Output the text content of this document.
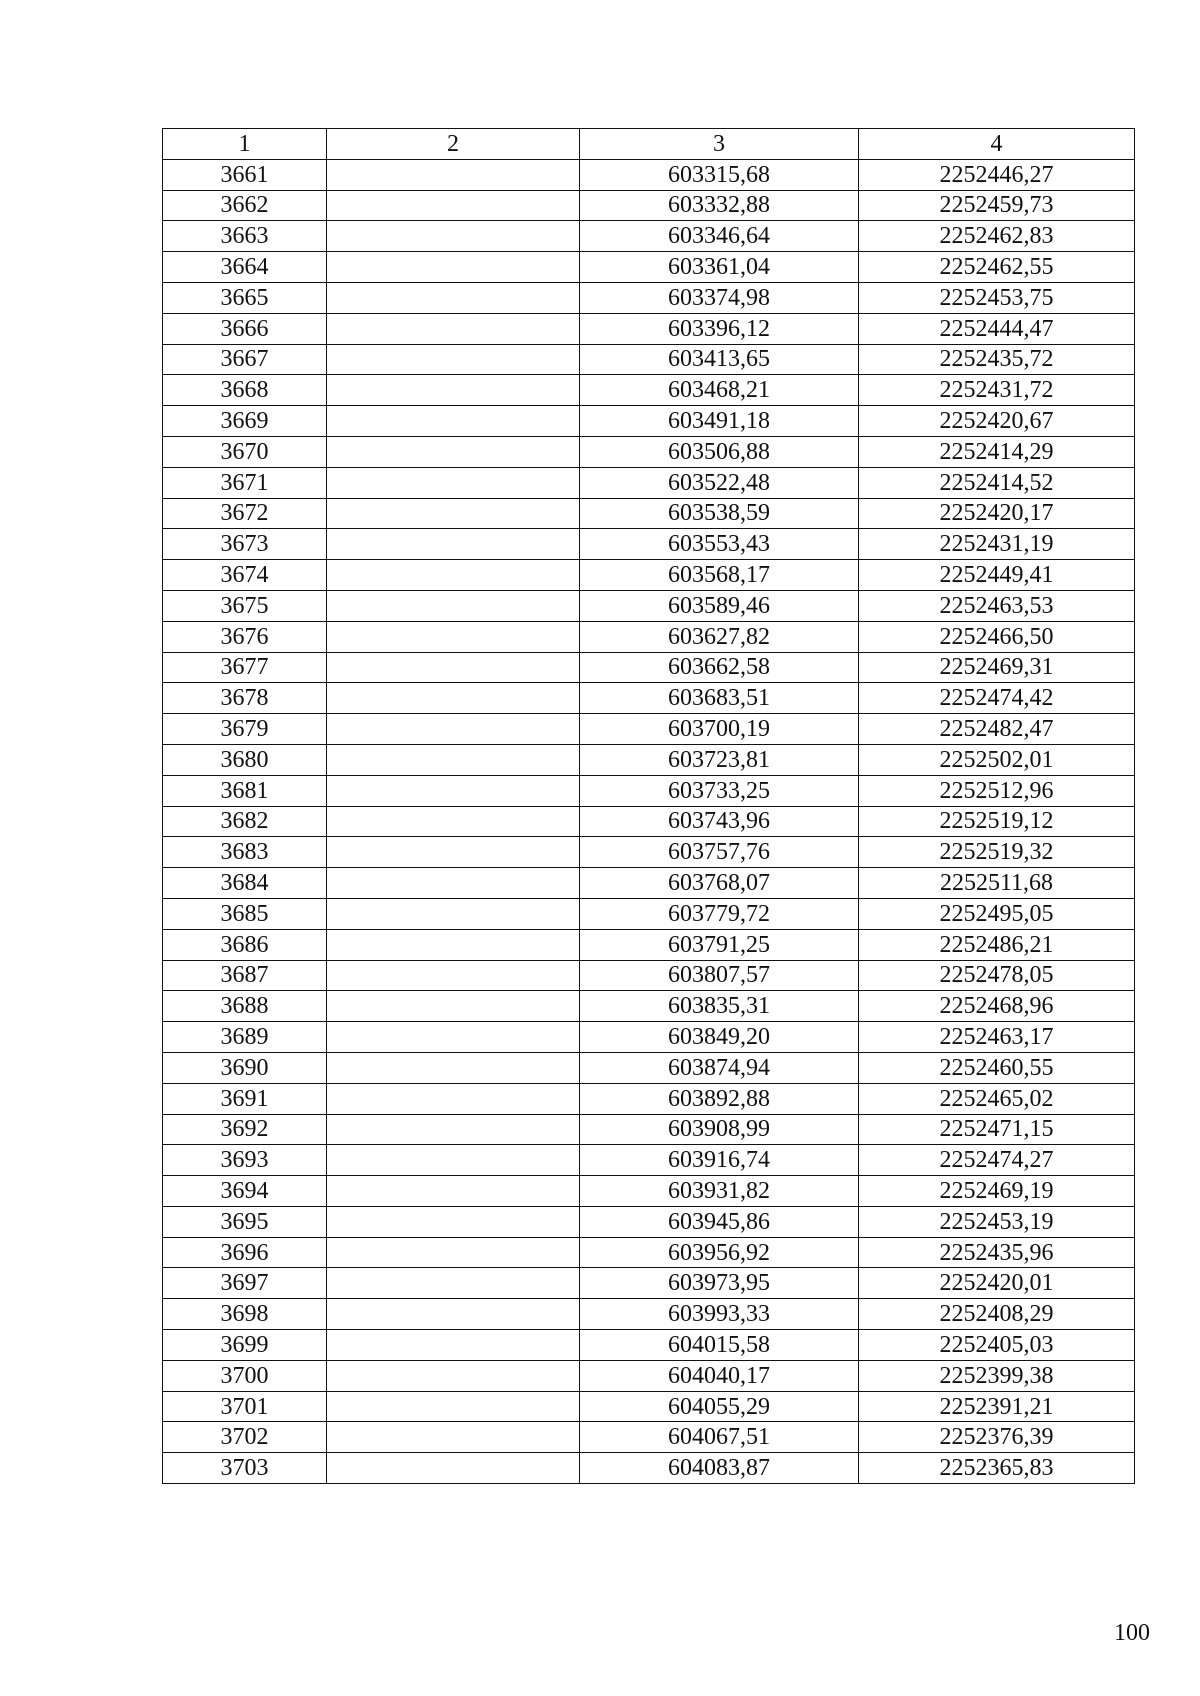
1	2	3	4
3661		603315,68	2252446,27
3662		603332,88	2252459,73
3663		603346,64	2252462,83
3664		603361,04	2252462,55
3665		603374,98	2252453,75
3666		603396,12	2252444,47
3667		603413,65	2252435,72
3668		603468,21	2252431,72
3669		603491,18	2252420,67
3670		603506,88	2252414,29
3671		603522,48	2252414,52
3672		603538,59	2252420,17
3673		603553,43	2252431,19
3674		603568,17	2252449,41
3675		603589,46	2252463,53
3676		603627,82	2252466,50
3677		603662,58	2252469,31
3678		603683,51	2252474,42
3679		603700,19	2252482,47
3680		603723,81	2252502,01
3681		603733,25	2252512,96
3682		603743,96	2252519,12
3683		603757,76	2252519,32
3684		603768,07	2252511,68
3685		603779,72	2252495,05
3686		603791,25	2252486,21
3687		603807,57	2252478,05
3688		603835,31	2252468,96
3689		603849,20	2252463,17
3690		603874,94	2252460,55
3691		603892,88	2252465,02
3692		603908,99	2252471,15
3693		603916,74	2252474,27
3694		603931,82	2252469,19
3695		603945,86	2252453,19
3696		603956,92	2252435,96
3697		603973,95	2252420,01
3698		603993,33	2252408,29
3699		604015,58	2252405,03
3700		604040,17	2252399,38
3701		604055,29	2252391,21
3702		604067,51	2252376,39
3703		604083,87	2252365,83
100
